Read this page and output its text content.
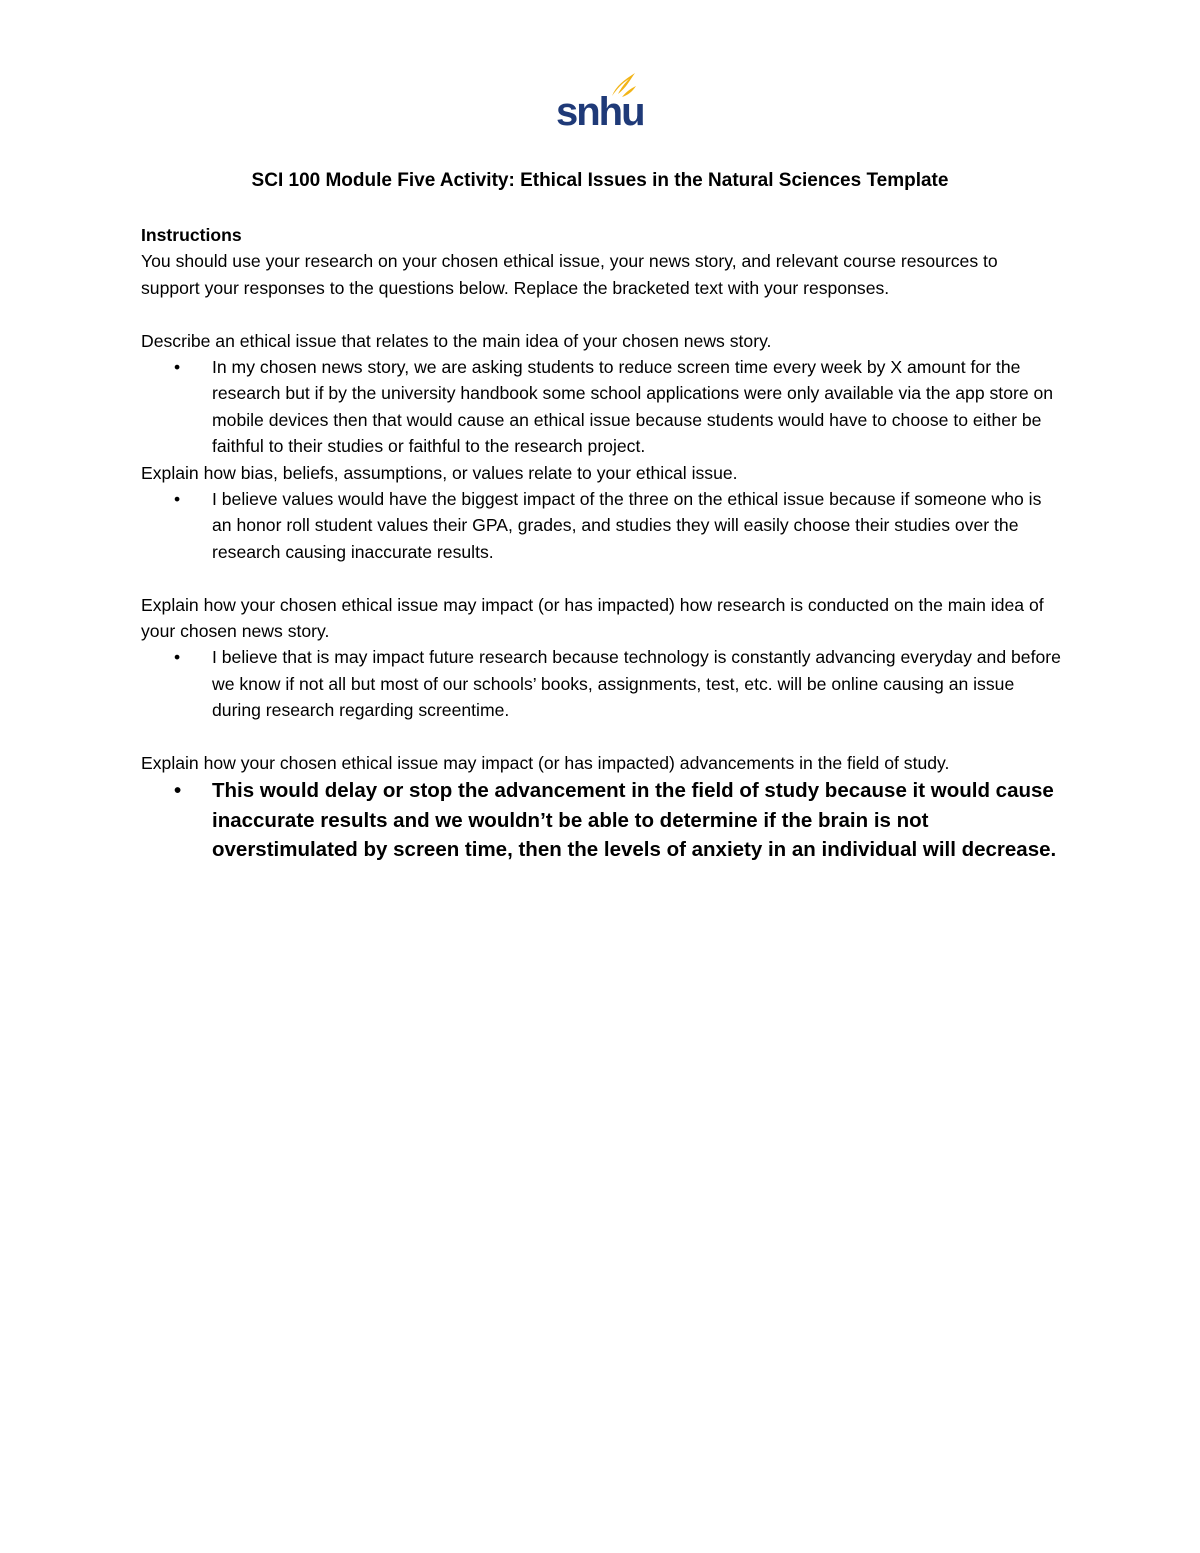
snhu
SCI 100 Module Five Activity: Ethical Issues in the Natural Sciences Template

Instructions

You should use your research on your chosen ethical issue, your news story, and relevant course resources to support your responses to the questions below. Replace the bracketed text with your responses.

Describe an ethical issue that relates to the main idea of your chosen news story.

• In my chosen news story, we are asking students to reduce screen time every week by X amount for the research but if by the university handbook some school applications were only available via the app store on mobile devices then that would cause an ethical issue because students would have to choose to either be faithful to their studies or faithful to the research project.

Explain how bias, beliefs, assumptions, or values relate to your ethical issue.

• I believe values would have the biggest impact of the three on the ethical issue because if someone who is an honor roll student values their GPA, grades, and studies they will easily choose their studies over the research causing inaccurate results.

Explain how your chosen ethical issue may impact (or has impacted) how research is conducted on the main idea of your chosen news story.

• I believe that is may impact future research because technology is constantly advancing everyday and before we know if not all but most of our schools’ books, assignments, test, etc. will be online causing an issue during research regarding screentime.

Explain how your chosen ethical issue may impact (or has impacted) advancements in the field of study.

• This would delay or stop the advancement in the field of study because it would cause inaccurate results and we wouldn’t be able to determine if the brain is not overstimulated by screen time, then the levels of anxiety in an individual will decrease.
